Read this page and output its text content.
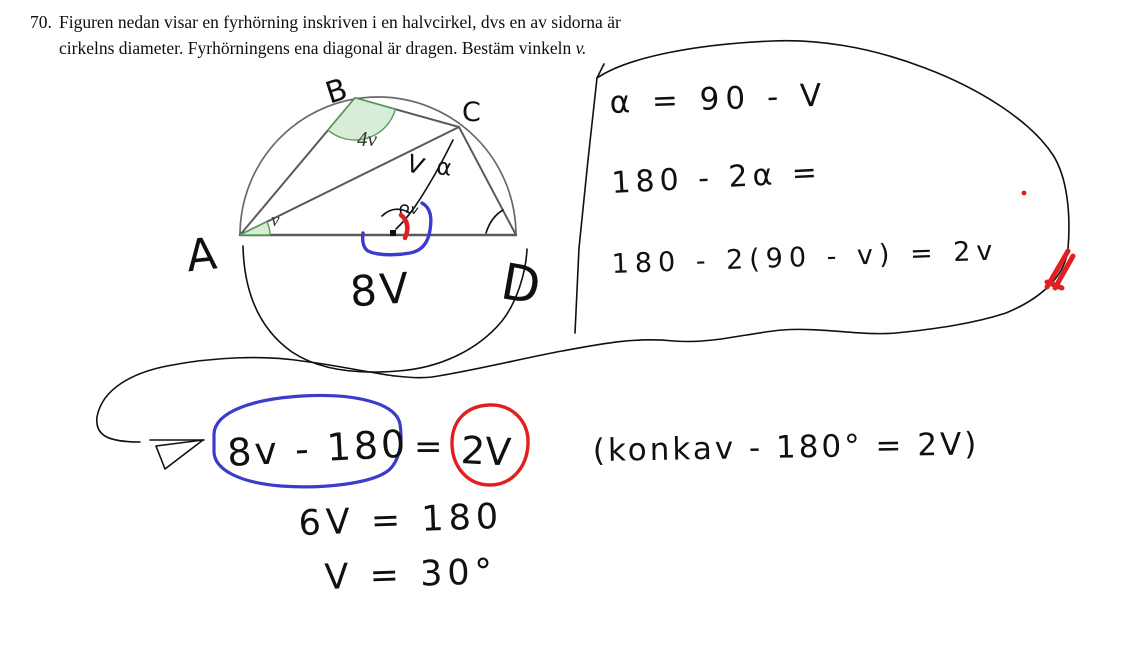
70. Figuren nedan visar en fyrhörning inskriven i en halvcirkel, dvs en av sidorna är
cirkelns diameter. Fyrhörningens ena diagonal är dragen. Bestäm vinkeln v.
4v
v
A
B
C
D
V α
v
8V
α = 90 - V
180 - 2α =
180 - 2(90 - v) = 2v
8v - 180 = 2V	(konkav - 180° = 2V)
6V = 180
V = 30°
